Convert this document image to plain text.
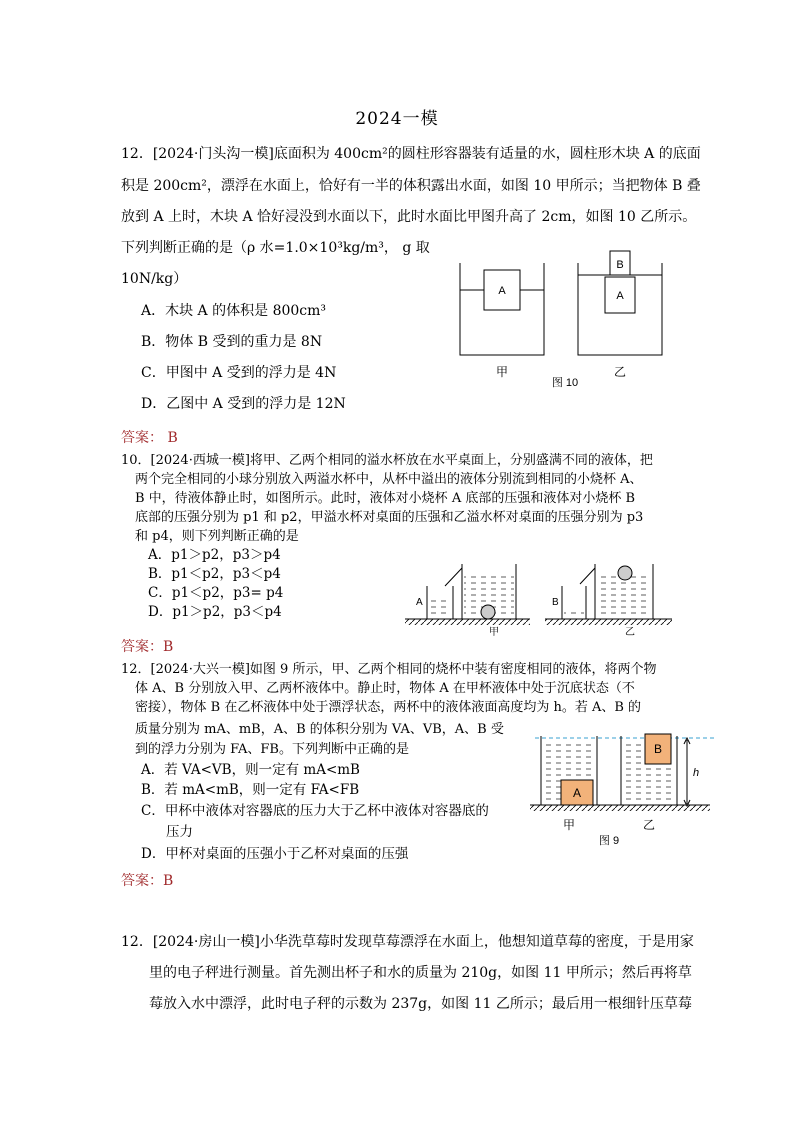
2024一模
12．[2024·门头沟一模]底面积为 400cm²的圆柱形容器装有适量的水，圆柱形木块 A 的底面
积是 200cm²，漂浮在水面上，恰好有一半的体积露出水面，如图 10 甲所示；当把物体 B 叠
放到 A 上时，木块 A 恰好浸没到水面以下，此时水面比甲图升高了 2cm，如图 10 乙所示。
下列判断正确的是（ρ 水=1.0×10³kg/m³， g 取
10N/kg）
A．木块 A 的体积是 800cm³
B．物体 B 受到的重力是 8N
C．甲图中 A 受到的浮力是 4N
D．乙图中 A 受到的浮力是 12N
答案： B
A	A
B
甲	乙
图 10
10．[2024·西城一模]将甲、乙两个相同的溢水杯放在水平桌面上，分别盛满不同的液体，把
两个完全相同的小球分别放入两溢水杯中，从杯中溢出的液体分别流到相同的小烧杯 A、
B 中，待液体静止时，如图所示。此时，液体对小烧杯 A 底部的压强和液体对小烧杯 B
底部的压强分别为 p1 和 p2，甲溢水杯对桌面的压强和乙溢水杯对桌面的压强分别为 p3
和 p4，则下列判断正确的是
A．p1＞p2，p3＞p4
B．p1＜p2，p3＜p4
C．p1＜p2，p3= p4
D．p1＞p2，p3＜p4
答案：B
A
甲
B
乙
12．[2024·大兴一模]如图 9 所示，甲、乙两个相同的烧杯中装有密度相同的液体，将两个物
体 A、B 分别放入甲、乙两杯液体中。静止时，物体 A 在甲杯液体中处于沉底状态（不
密接），物体 B 在乙杯液体中处于漂浮状态，两杯中的液体液面高度均为 h。若 A、B 的
质量分别为 mA、mB，A、B 的体积分别为 VA、VB，A、B 受
到的浮力分别为 FA、FB。下列判断中正确的是
A．若 VA<VB，则一定有 mA<mB
B．若 mA<mB，则一定有 FA<FB
C．甲杯中液体对容器底的压力大于乙杯中液体对容器底的
压力
D．甲杯对桌面的压强小于乙杯对桌面的压强
答案：B
A
B
h
甲	乙
图 9
12．[2024·房山一模]小华洗草莓时发现草莓漂浮在水面上，他想知道草莓的密度，于是用家
里的电子秤进行测量。首先测出杯子和水的质量为 210g，如图 11 甲所示；然后再将草
莓放入水中漂浮，此时电子秤的示数为 237g，如图 11 乙所示；最后用一根细针压草莓
